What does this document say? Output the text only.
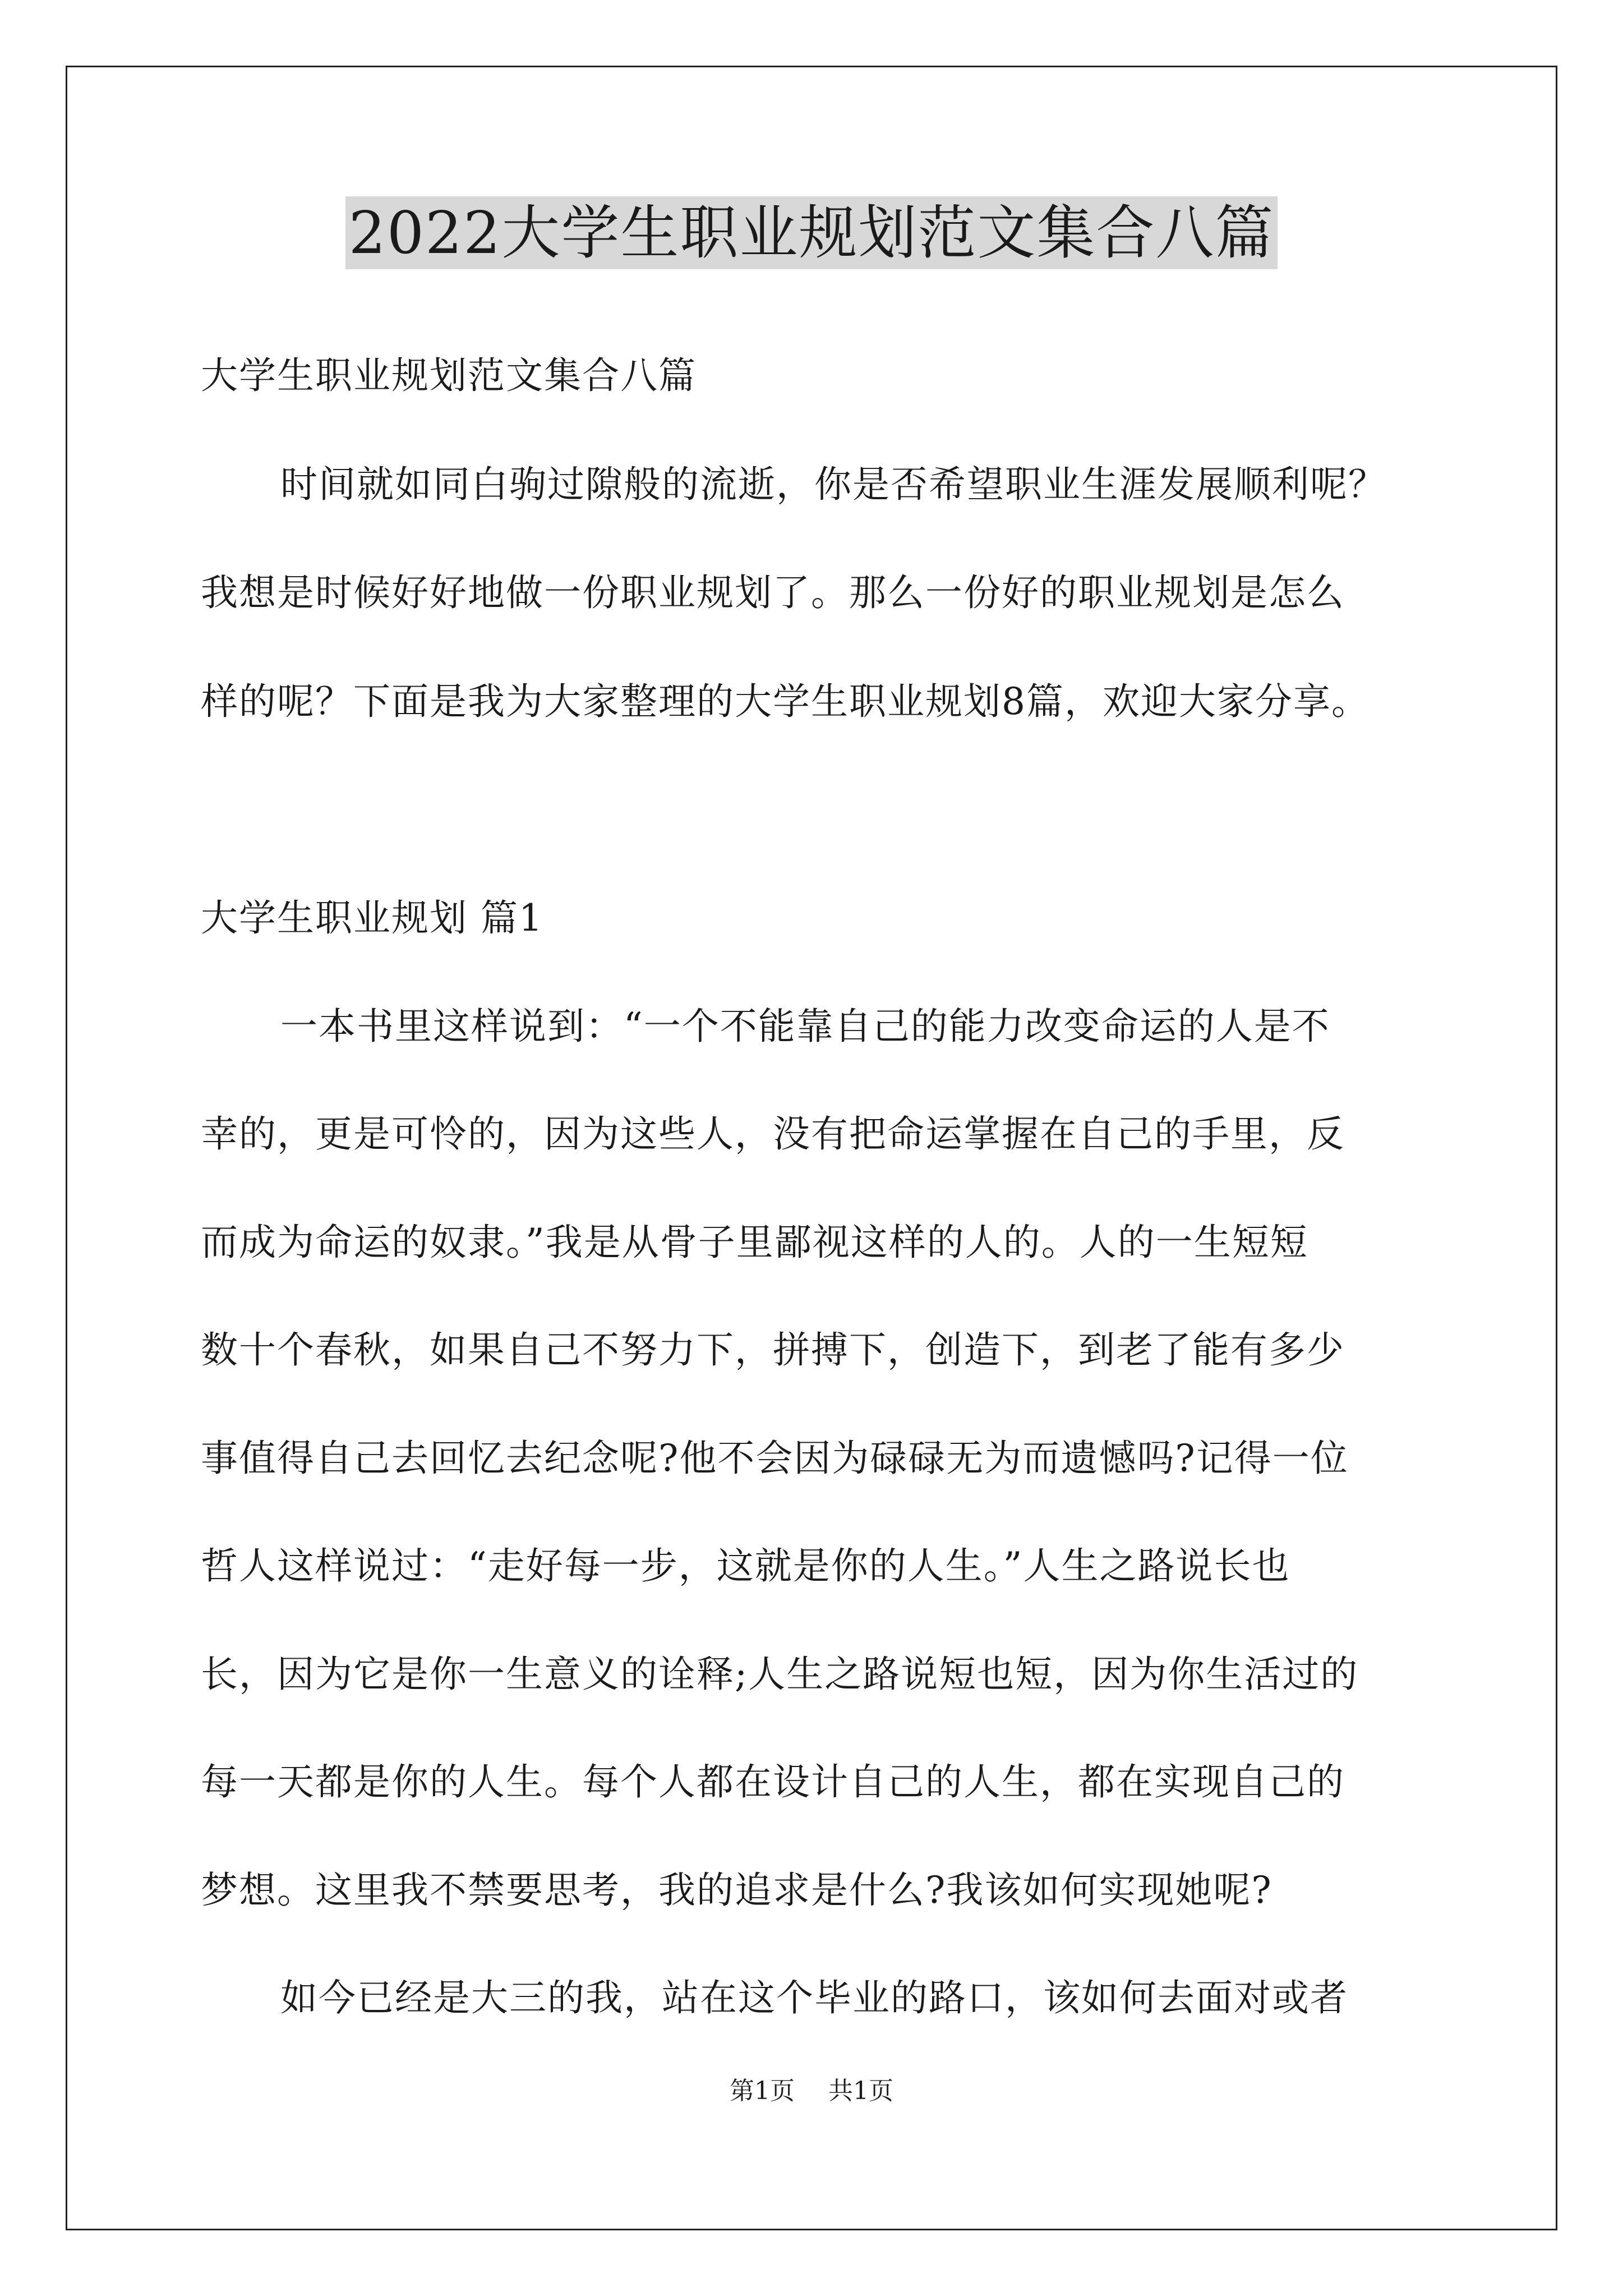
2022大学生职业规划范文集合八篇
大学生职业规划范文集合八篇
时间就如同白驹过隙般的流逝，你是否希望职业生涯发展顺利呢？
我想是时候好好地做一份职业规划了。那么一份好的职业规划是怎么
样的呢？下面是我为大家整理的大学生职业规划8篇，欢迎大家分享。
大学生职业规划 篇1
一本书里这样说到：“一个不能靠自己的能力改变命运的人是不
幸的，更是可怜的，因为这些人，没有把命运掌握在自己的手里，反
而成为命运的奴隶。”我是从骨子里鄙视这样的人的。人的一生短短
数十个春秋，如果自己不努力下，拼搏下，创造下，到老了能有多少
事值得自己去回忆去纪念呢?他不会因为碌碌无为而遗憾吗?记得一位
哲人这样说过：“走好每一步，这就是你的人生。”人生之路说长也
长，因为它是你一生意义的诠释;人生之路说短也短，因为你生活过的
每一天都是你的人生。每个人都在设计自己的人生，都在实现自己的
梦想。这里我不禁要思考，我的追求是什么?我该如何实现她呢?
如今已经是大三的我，站在这个毕业的路口，该如何去面对或者
第1页 共1页
